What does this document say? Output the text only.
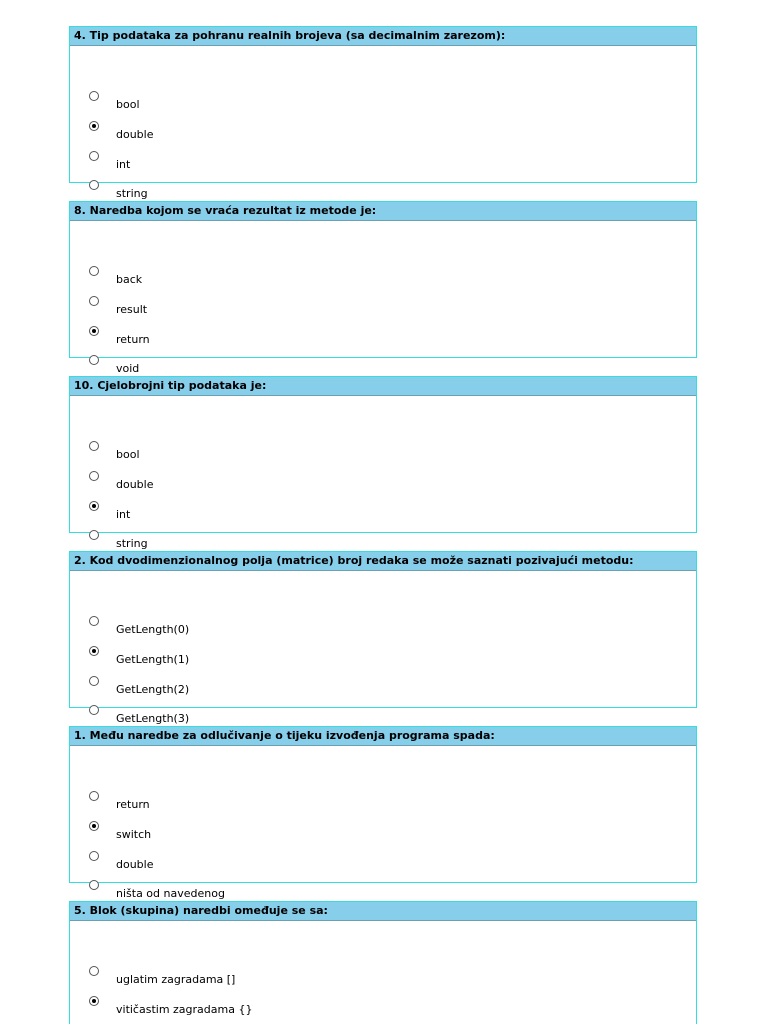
4. Tip podataka za pohranu realnih brojeva (sa decimalnim zarezom):
bool
double
int
string
8. Naredba kojom se vraća rezultat iz metode je:
back
result
return
void
10. Cjelobrojni tip podataka je:
bool
double
int
string
2. Kod dvodimenzionalnog polja (matrice) broj redaka se može saznati pozivajući metodu:
GetLength(0)
GetLength(1)
GetLength(2)
GetLength(3)
1. Među naredbe za odlučivanje o tijeku izvođenja programa spada:
return
switch
double
ništa od navedenog
5. Blok (skupina) naredbi omeđuje se sa:
uglatim zagradama []
vitičastim zagradama {}
